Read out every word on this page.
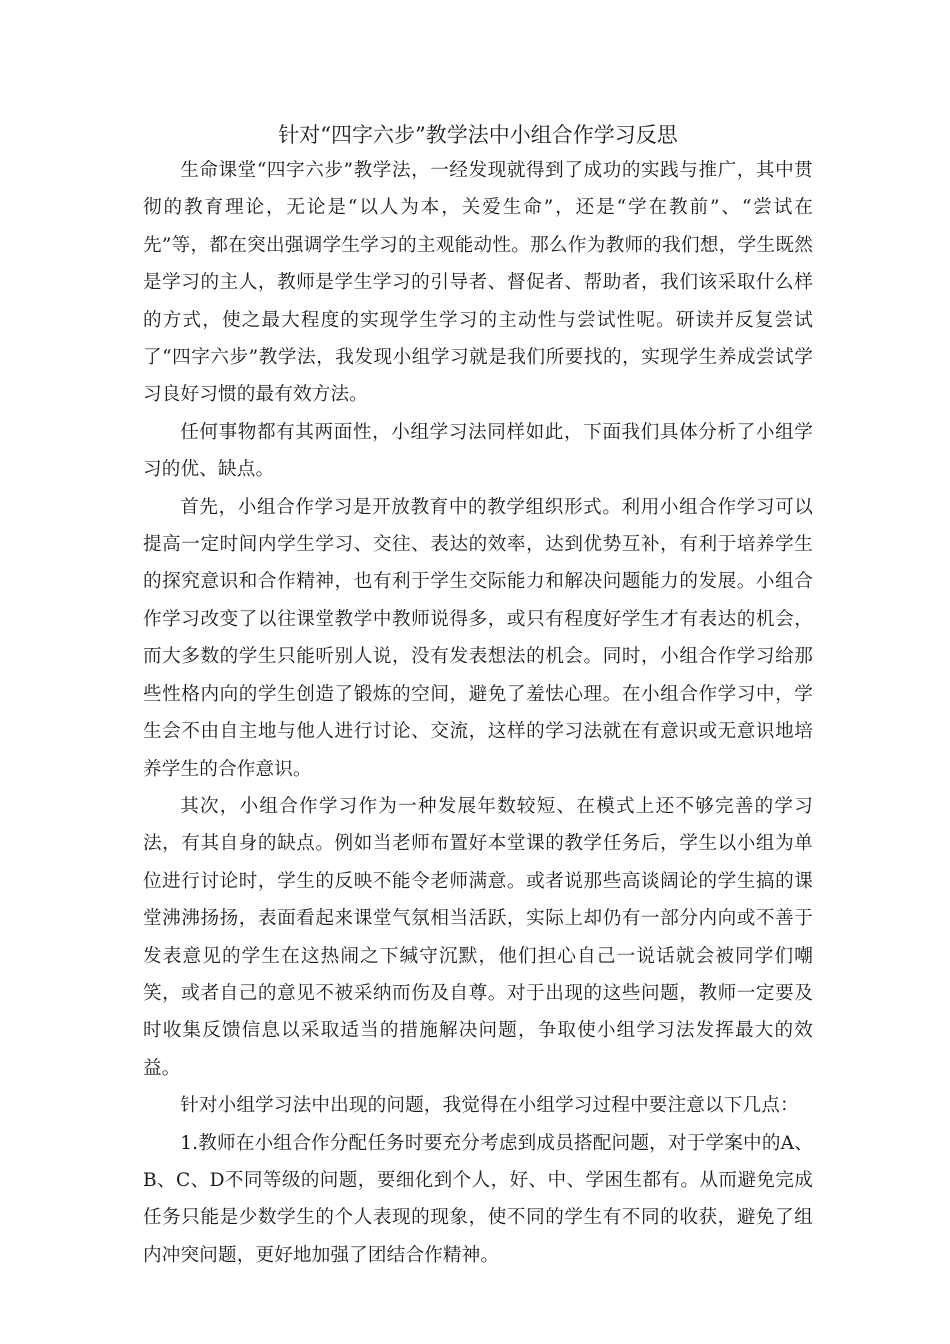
针对“四字六步”教学法中小组合作学习反思

生命课堂“四字六步”教学法，一经发现就得到了成功的实践与推广，其中贯彻的教育理论，无论是“以人为本，关爱生命”，还是“学在教前”、“尝试在先”等，都在突出强调学生学习的主观能动性。那么作为教师的我们想，学生既然是学习的主人，教师是学生学习的引导者、督促者、帮助者，我们该采取什么样的方式，使之最大程度的实现学生学习的主动性与尝试性呢。研读并反复尝试了“四字六步”教学法，我发现小组学习就是我们所要找的，实现学生养成尝试学习良好习惯的最有效方法。

任何事物都有其两面性，小组学习法同样如此，下面我们具体分析了小组学习的优、缺点。

首先，小组合作学习是开放教育中的教学组织形式。利用小组合作学习可以提高一定时间内学生学习、交往、表达的效率，达到优势互补，有利于培养学生的探究意识和合作精神，也有利于学生交际能力和解决问题能力的发展。小组合作学习改变了以往课堂教学中教师说得多，或只有程度好学生才有表达的机会，而大多数的学生只能听别人说，没有发表想法的机会。同时，小组合作学习给那些性格内向的学生创造了锻炼的空间，避免了羞怯心理。在小组合作学习中，学生会不由自主地与他人进行讨论、交流，这样的学习法就在有意识或无意识地培养学生的合作意识。

其次，小组合作学习作为一种发展年数较短、在模式上还不够完善的学习法，有其自身的缺点。例如当老师布置好本堂课的教学任务后，学生以小组为单位进行讨论时，学生的反映不能令老师满意。或者说那些高谈阔论的学生搞的课堂沸沸扬扬，表面看起来课堂气氛相当活跃，实际上却仍有一部分内向或不善于发表意见的学生在这热闹之下缄守沉默，他们担心自己一说话就会被同学们嘲笑，或者自己的意见不被采纳而伤及自尊。对于出现的这些问题，教师一定要及时收集反馈信息以采取适当的措施解决问题，争取使小组学习法发挥最大的效益。

针对小组学习法中出现的问题，我觉得在小组学习过程中要注意以下几点：

1.教师在小组合作分配任务时要充分考虑到成员搭配问题，对于学案中的A、B、C、D不同等级的问题，要细化到个人，好、中、学困生都有。从而避免完成任务只能是少数学生的个人表现的现象，使不同的学生有不同的收获，避免了组内冲突问题，更好地加强了团结合作精神。
